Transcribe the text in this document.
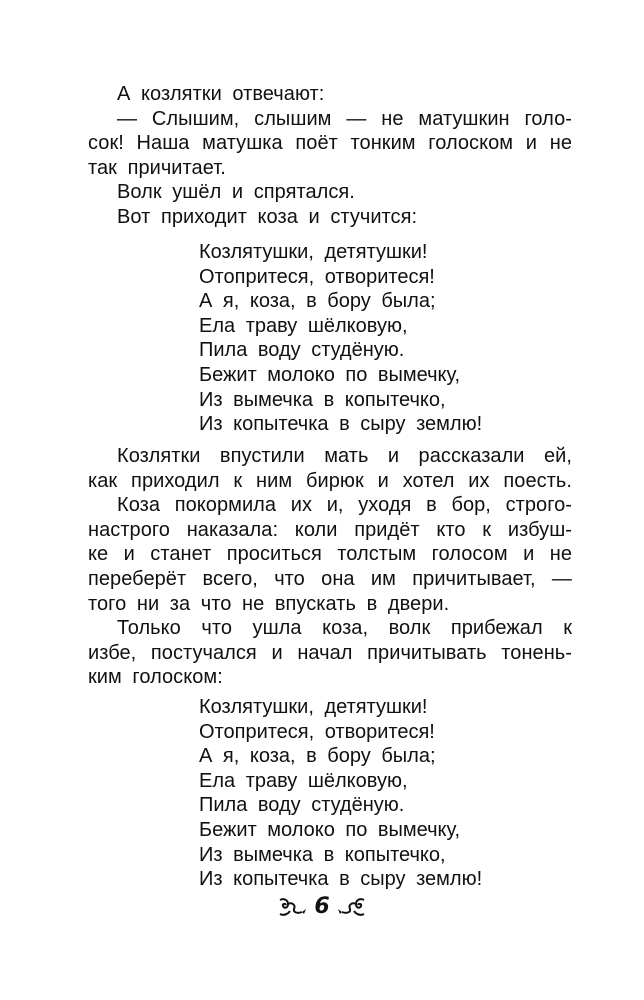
А козлятки отвечают:
— Слышим, слышим — не матушкин голо-
сок! Наша матушка поёт тонким голоском и не
так причитает.
Волк ушёл и спрятался.
Вот приходит коза и стучится:
Козлятушки, детятушки!
Отопритеся, отворитеся!
А я, коза, в бору была;
Ела траву шёлковую,
Пила воду студёную.
Бежит молоко по вымечку,
Из вымечка в копытечко,
Из копытечка в сыру землю!
Козлятки впустили мать и рассказали ей,
как приходил к ним бирюк и хотел их поесть.
Коза покормила их и, уходя в бор, строго-
настрого наказала: коли придёт кто к избуш-
ке и станет проситься толстым голосом и не
переберёт всего, что она им причитывает, —
того ни за что не впускать в двери.
Только что ушла коза, волк прибежал к
избе, постучался и начал причитывать тонень-
ким голоском:
Козлятушки, детятушки!
Отопритеся, отворитеся!
А я, коза, в бору была;
Ела траву шёлковую,
Пила воду студёную.
Бежит молоко по вымечку,
Из вымечка в копытечко,
Из копытечка в сыру землю!
6
